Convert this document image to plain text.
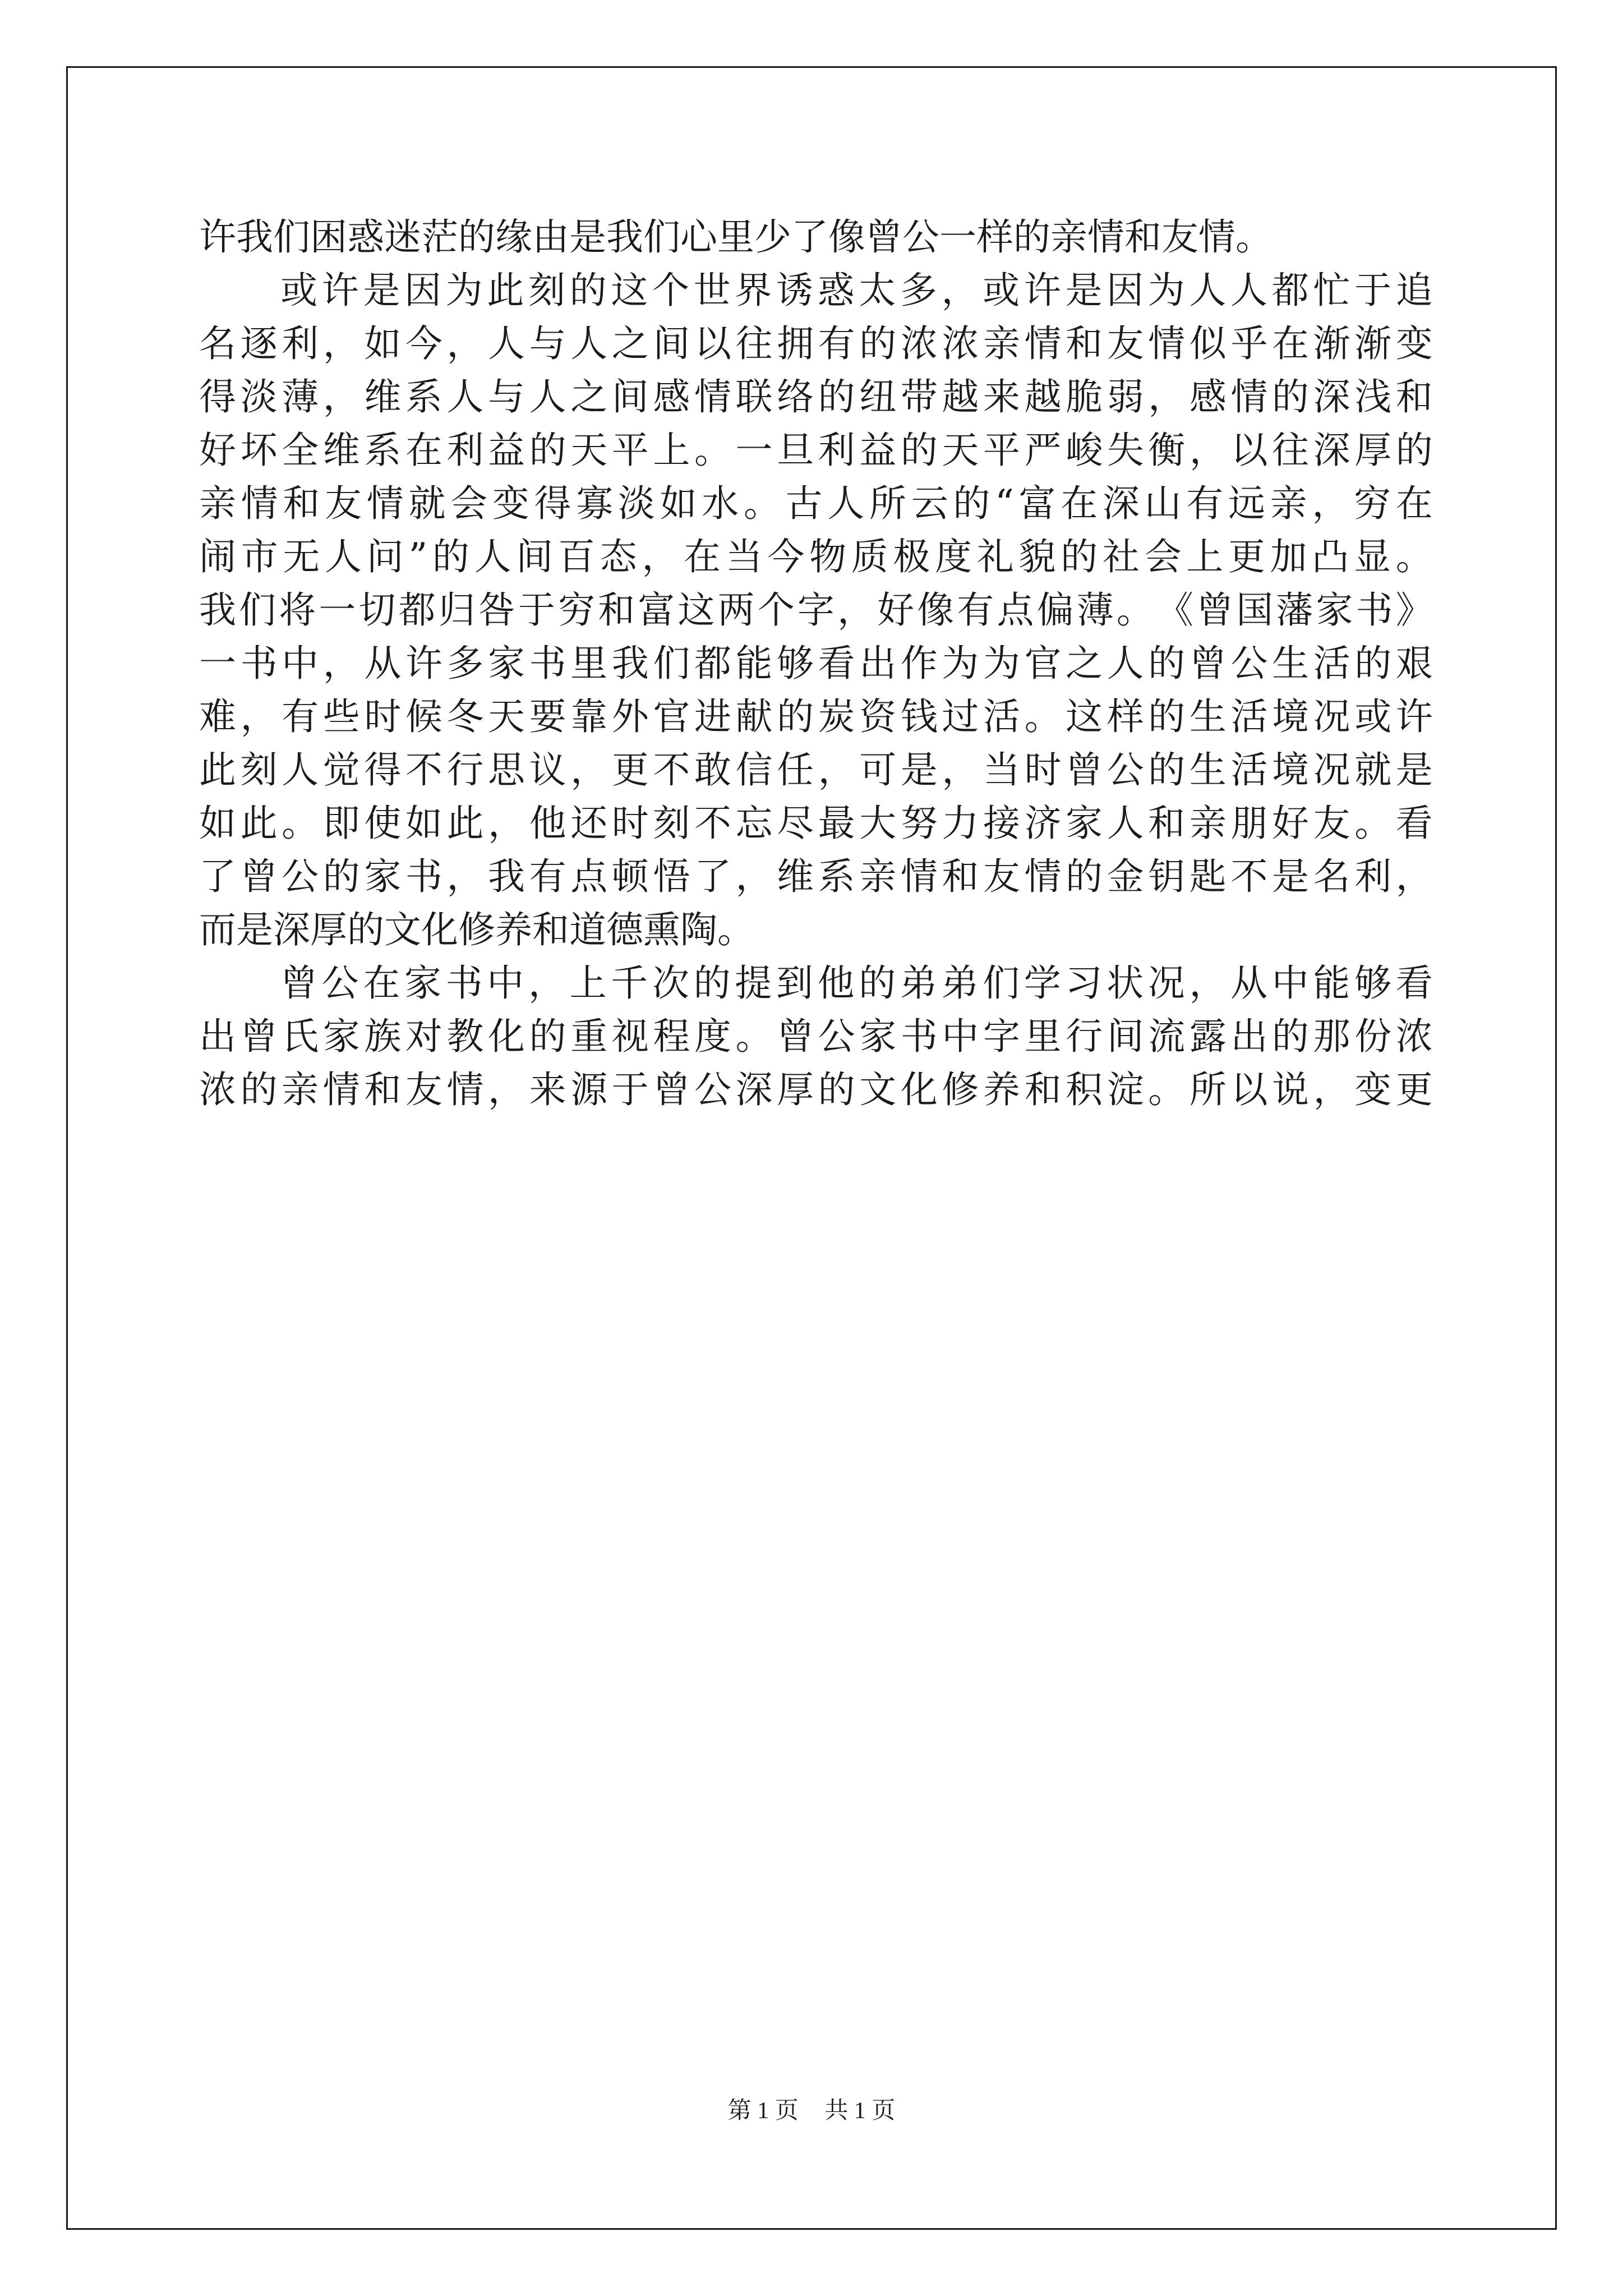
许 我 们 困 惑 迷 茫 的 缘 由 是 我 们 心 里 少 了 像 曾 公 一 样 的 亲 情 和 友 情 。
或 许 是 因 为 此 刻 的 这 个 世 界 诱 惑 太 多 ， 或 许 是 因 为 人 人 都 忙 于 追
名 逐 利 ， 如 今 ， 人 与 人 之 间 以 往 拥 有 的 浓 浓 亲 情 和 友 情 似 乎 在 渐 渐 变
得 淡 薄 ， 维 系 人 与 人 之 间 感 情 联 络 的 纽 带 越 来 越 脆 弱 ， 感 情 的 深 浅 和
好 坏 全 维 系 在 利 益 的 天 平 上 。 一 旦 利 益 的 天 平 严 峻 失 衡 ， 以 往 深 厚 的
亲 情 和 友 情 就 会 变 得 寡 淡 如 水 。 古 人 所 云 的 “ 富 在 深 山 有 远 亲 ， 穷 在
闹 市 无 人 问 ” 的 人 间 百 态 ， 在 当 今 物 质 极 度 礼 貌 的 社 会 上 更 加 凸 显 。
我 们 将 一 切 都 归 咎 于 穷 和 富 这 两 个 字 ， 好 像 有 点 偏 薄 。 《 曾 国 藩 家 书 》
一 书 中 ， 从 许 多 家 书 里 我 们 都 能 够 看 出 作 为 为 官 之 人 的 曾 公 生 活 的 艰
难 ， 有 些 时 候 冬 天 要 靠 外 官 进 献 的 炭 资 钱 过 活 。 这 样 的 生 活 境 况 或 许
此 刻 人 觉 得 不 行 思 议 ， 更 不 敢 信 任 ， 可 是 ， 当 时 曾 公 的 生 活 境 况 就 是
如 此 。 即 使 如 此 ， 他 还 时 刻 不 忘 尽 最 大 努 力 接 济 家 人 和 亲 朋 好 友 。 看
了 曾 公 的 家 书 ， 我 有 点 顿 悟 了 ， 维 系 亲 情 和 友 情 的 金 钥 匙 不 是 名 利 ，
而 是 深 厚 的 文 化 修 养 和 道 德 熏 陶 。
曾 公 在 家 书 中 ， 上 千 次 的 提 到 他 的 弟 弟 们 学 习 状 况 ， 从 中 能 够 看
出 曾 氏 家 族 对 教 化 的 重 视 程 度 。 曾 公 家 书 中 字 里 行 间 流 露 出 的 那 份 浓
浓 的 亲 情 和 友 情 ， 来 源 于 曾 公 深 厚 的 文 化 修 养 和 积 淀 。 所 以 说 ， 变 更
第 1 页 共 1 页
